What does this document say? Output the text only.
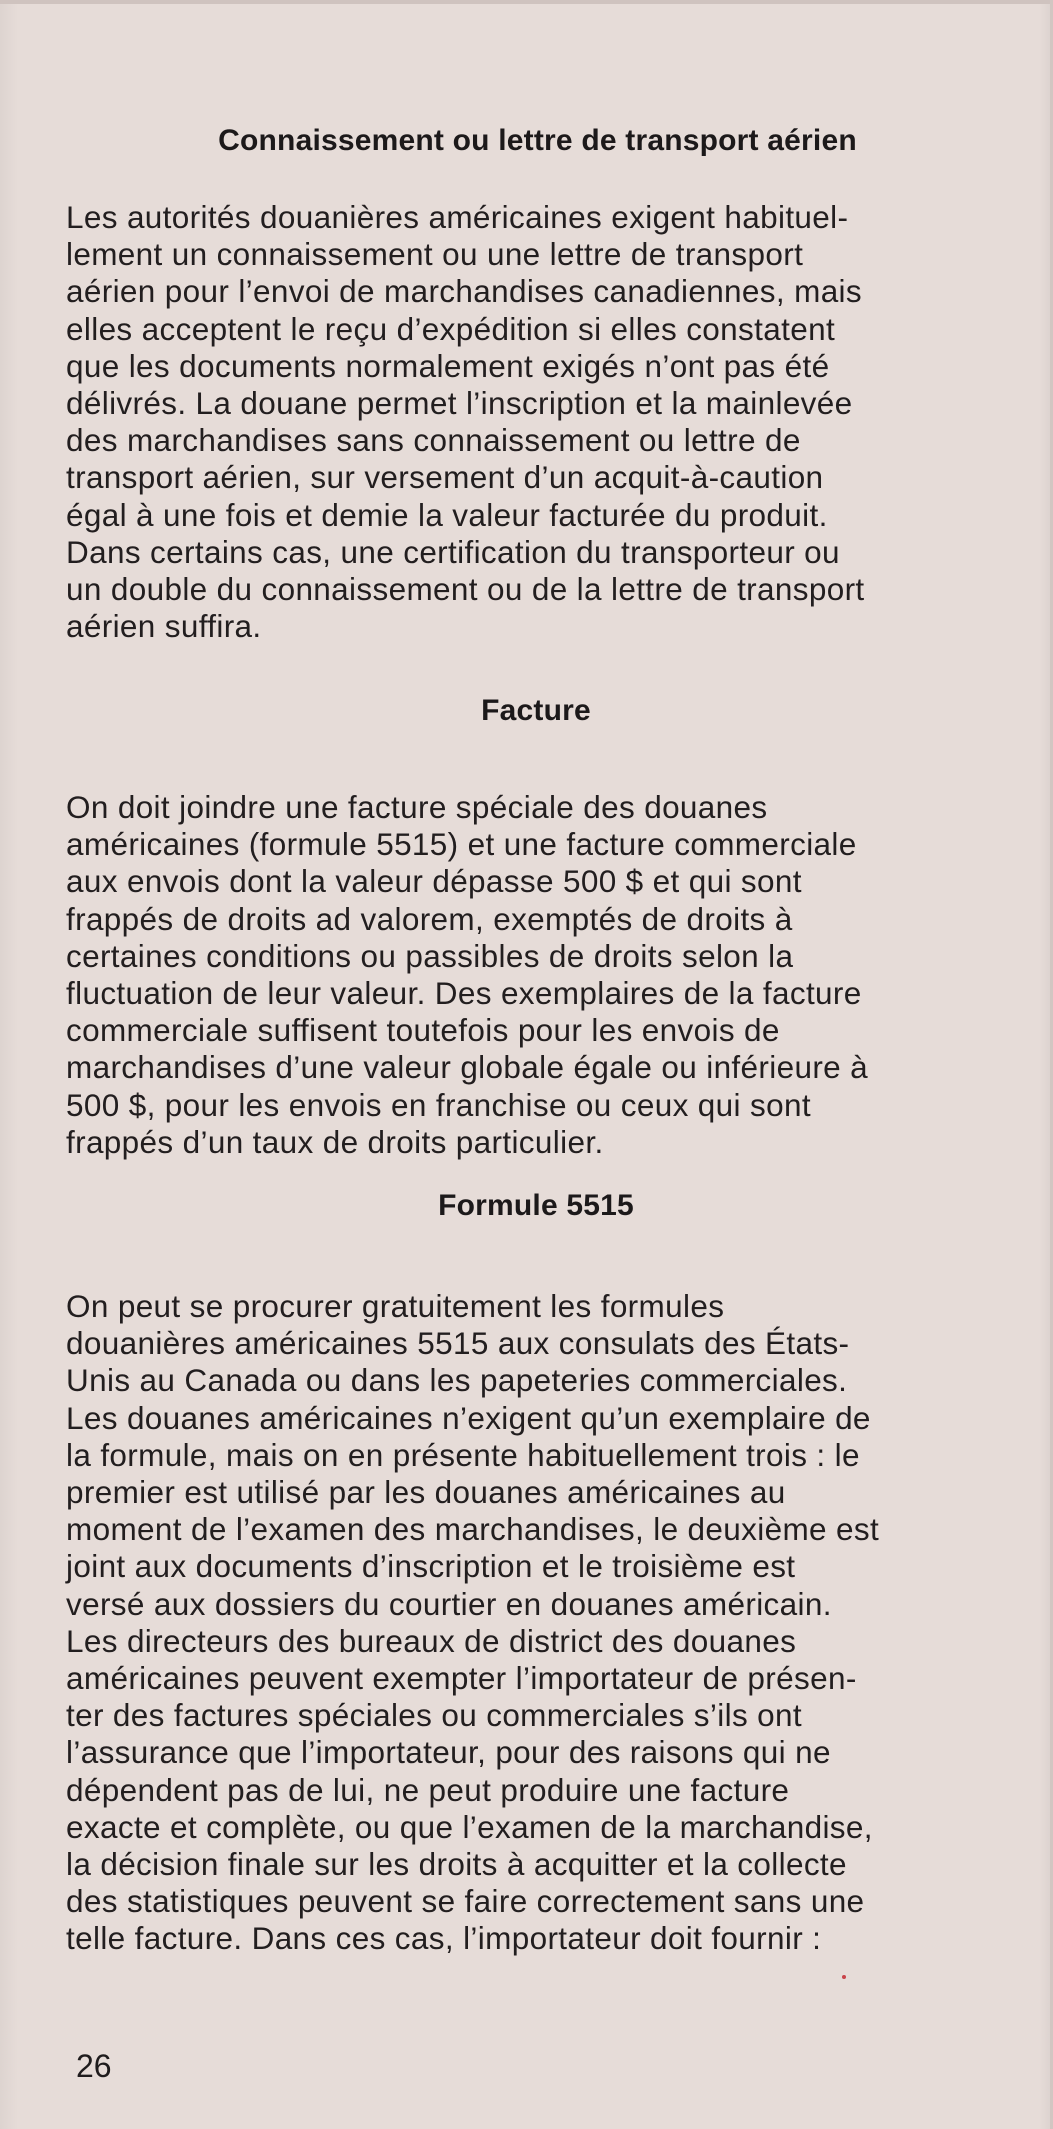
Connaissement ou lettre de transport aérien

Les autorités douanières américaines exigent habituel-
lement un connaissement ou une lettre de transport
aérien pour l’envoi de marchandises canadiennes, mais
elles acceptent le reçu d’expédition si elles constatent
que les documents normalement exigés n’ont pas été
délivrés. La douane permet l’inscription et la mainlevée
des marchandises sans connaissement ou lettre de
transport aérien, sur versement d’un acquit-à-caution
égal à une fois et demie la valeur facturée du produit.
Dans certains cas, une certification du transporteur ou
un double du connaissement ou de la lettre de transport
aérien suffira.

Facture

On doit joindre une facture spéciale des douanes
américaines (formule 5515) et une facture commerciale
aux envois dont la valeur dépasse 500 $ et qui sont
frappés de droits ad valorem, exemptés de droits à
certaines conditions ou passibles de droits selon la
fluctuation de leur valeur. Des exemplaires de la facture
commerciale suffisent toutefois pour les envois de
marchandises d’une valeur globale égale ou inférieure à
500 $, pour les envois en franchise ou ceux qui sont
frappés d’un taux de droits particulier.

Formule 5515

On peut se procurer gratuitement les formules
douanières américaines 5515 aux consulats des États-
Unis au Canada ou dans les papeteries commerciales.
Les douanes américaines n’exigent qu’un exemplaire de
la formule, mais on en présente habituellement trois : le
premier est utilisé par les douanes américaines au
moment de l’examen des marchandises, le deuxième est
joint aux documents d’inscription et le troisième est
versé aux dossiers du courtier en douanes américain.
Les directeurs des bureaux de district des douanes
américaines peuvent exempter l’importateur de présen-
ter des factures spéciales ou commerciales s’ils ont
l’assurance que l’importateur, pour des raisons qui ne
dépendent pas de lui, ne peut produire une facture
exacte et complète, ou que l’examen de la marchandise,
la décision finale sur les droits à acquitter et la collecte
des statistiques peuvent se faire correctement sans une
telle facture. Dans ces cas, l’importateur doit fournir :

26
